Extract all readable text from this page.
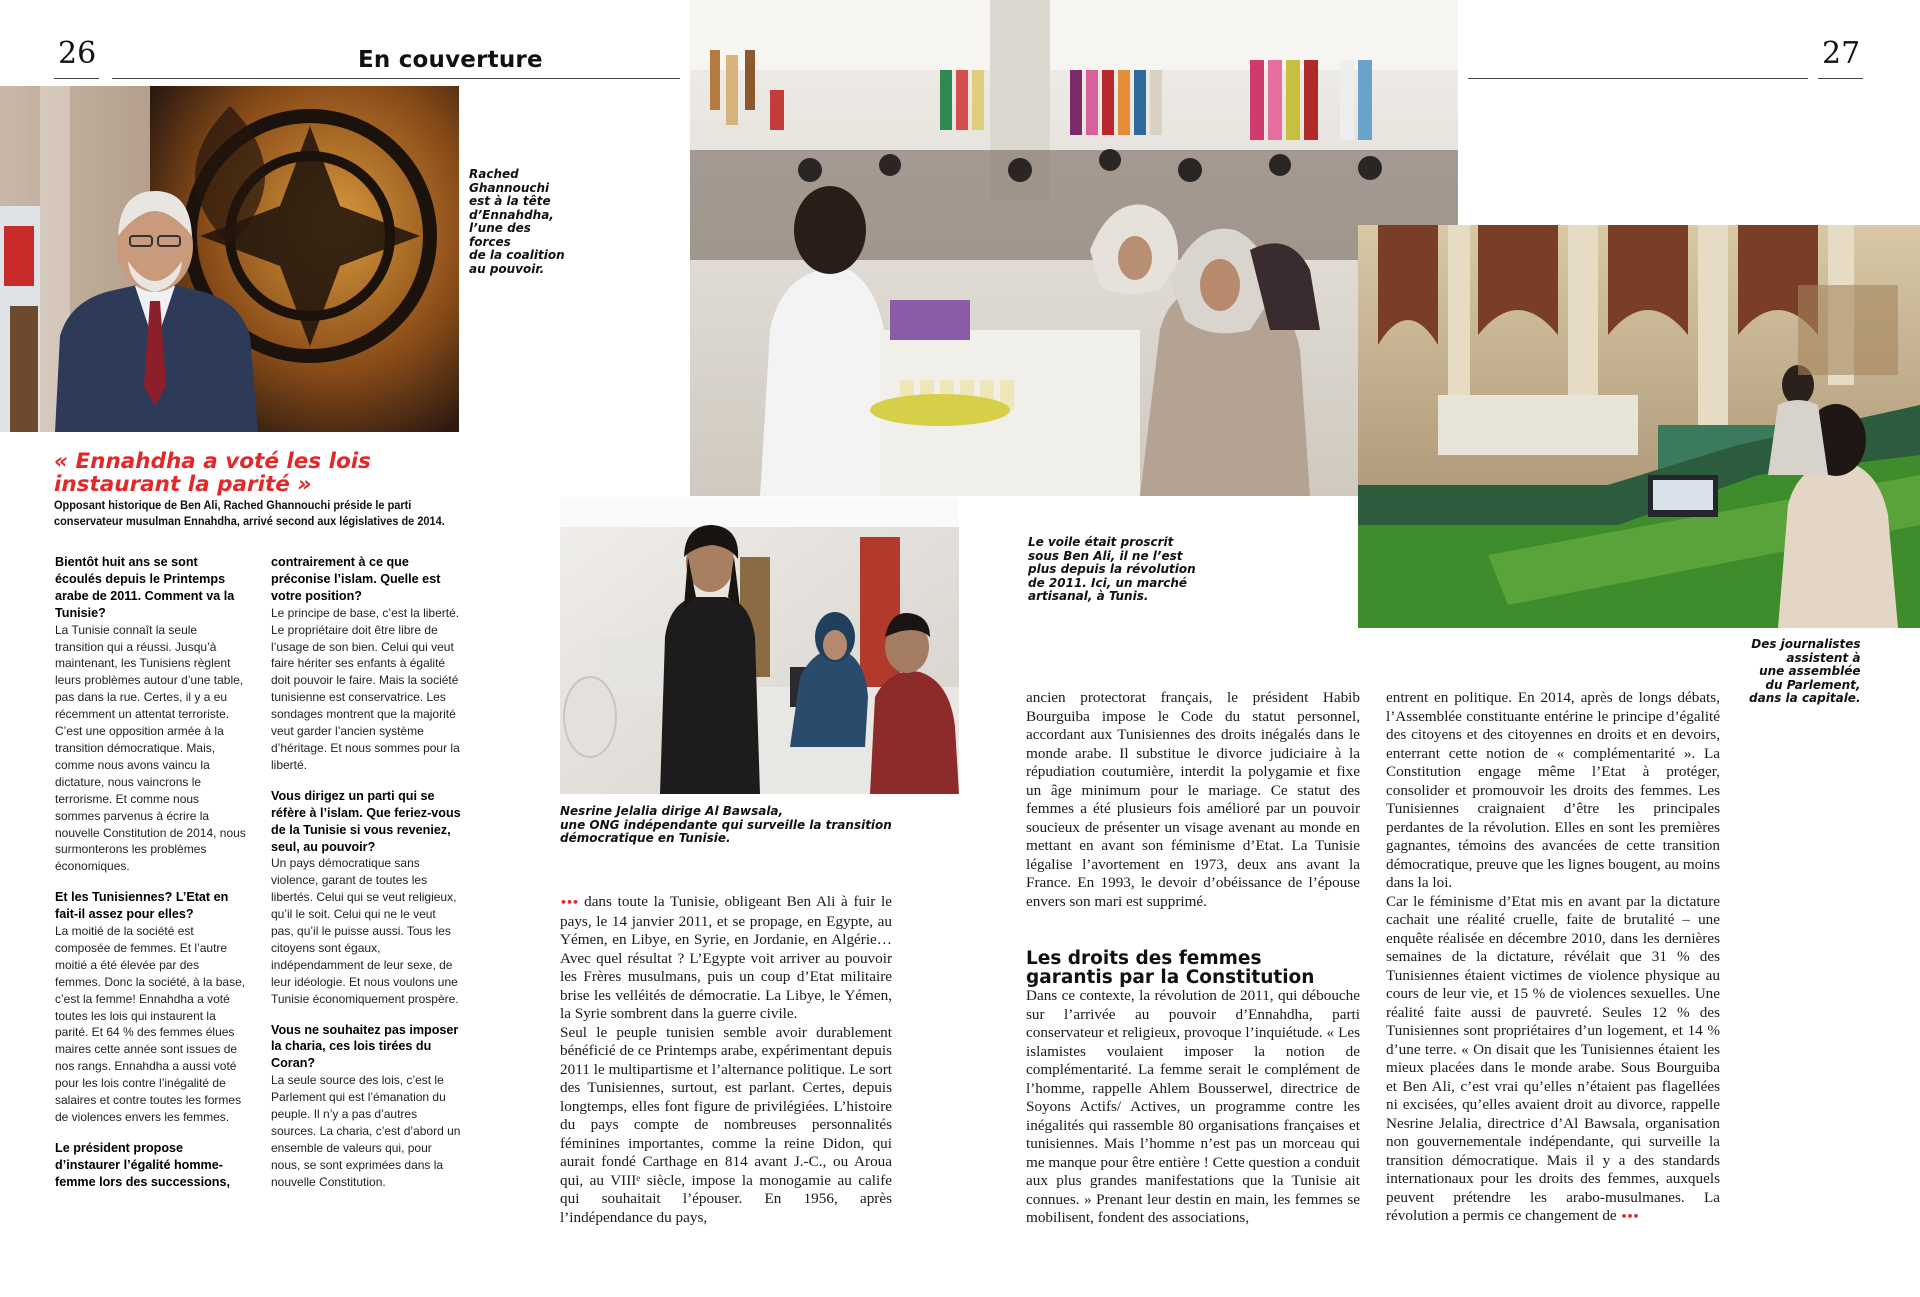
26	En couverture	27
Rached
Ghannouchi
est à la tête
d’Ennahdha,
l’une des
forces
de la coalition
au pouvoir.
Le voile était proscrit
sous Ben Ali, il ne l’est
plus depuis la révolution
de 2011. Ici, un marché
artisanal, à Tunis.
Des journalistes
assistent à
une assemblée
du Parlement,
dans la capitale.
Nesrine Jelalia dirige Al Bawsala,
une ONG indépendante qui surveille la transition
démocratique en Tunisie.
« Ennahdha a voté les lois
instaurant la parité »
Opposant historique de Ben Ali, Rached Ghannouchi préside le parti
conservateur musulman Ennahdha, arrivé second aux législatives de 2014.

Bientôt huit ans se sont écoulés depuis le Printemps arabe de 2011. Comment va la Tunisie?
La Tunisie connaît la seule transition qui a réussi. Jusqu’à maintenant, les Tunisiens règlent leurs problèmes autour d’une table, pas dans la rue. Certes, il y a eu récemment un attentat terroriste. C’est une opposition armée à la transition démocratique. Mais, comme nous avons vaincu la dictature, nous vaincrons le terrorisme. Et comme nous sommes parvenus à écrire la nouvelle Constitution de 2014, nous surmonterons les problèmes économiques.

Et les Tunisiennes? L’Etat en fait-il assez pour elles?
La moitié de la société est composée de femmes. Et l’autre moitié a été élevée par des femmes. Donc la société, à la base, c’est la femme! Ennahdha a voté toutes les lois qui instaurent la parité. Et 64 % des femmes élues maires cette année sont issues de nos rangs. Ennahdha a aussi voté pour les lois contre l’inégalité de salaires et contre toutes les formes de violences envers les femmes.

Le président propose d’instaurer l’égalité homme-femme lors des successions,

contrairement à ce que préconise l’islam. Quelle est votre position?
Le principe de base, c’est la liberté. Le propriétaire doit être libre de l’usage de son bien. Celui qui veut faire hériter ses enfants à égalité doit pouvoir le faire. Mais la société tunisienne est conservatrice. Les sondages montrent que la majorité veut garder l’ancien système d’héritage. Et nous sommes pour la liberté.

Vous dirigez un parti qui se réfère à l’islam. Que feriez-vous de la Tunisie si vous reveniez, seul, au pouvoir?
Un pays démocratique sans violence, garant de toutes les libertés. Celui qui se veut religieux, qu’il le soit. Celui qui ne le veut pas, qu’il le puisse aussi. Tous les citoyens sont égaux, indépendamment de leur sexe, de leur idéologie. Et nous voulons une Tunisie économiquement prospère.

Vous ne souhaitez pas imposer la charia, ces lois tirées du Coran?
La seule source des lois, c’est le Parlement qui est l’émanation du peuple. Il n’y a pas d’autres sources. La charia, c’est d’abord un ensemble de valeurs qui, pour nous, se sont exprimées dans la nouvelle Constitution.

••• dans toute la Tunisie, obligeant Ben Ali à fuir le pays, le 14 janvier 2011, et se propage, en Egypte, au Yémen, en Libye, en Syrie, en Jordanie, en Algérie… Avec quel résultat ? L’Egypte voit arriver au pouvoir les Frères musulmans, puis un coup d’Etat militaire brise les velléités de démocratie. La Libye, le Yémen, la Syrie sombrent dans la guerre civile.

Seul le peuple tunisien semble avoir durablement bénéficié de ce Printemps arabe, expérimentant depuis 2011 le multipartisme et l’alternance politique. Le sort des Tunisiennes, surtout, est parlant. Certes, depuis longtemps, elles font figure de privilégiées. L’histoire du pays compte de nombreuses personnalités féminines importantes, comme la reine Didon, qui aurait fondé Carthage en 814 avant J.-C., ou Aroua qui, au VIIIᵉ siècle, impose la monogamie au calife qui souhaitait l’épouser. En 1956, après l’indépendance du pays,

ancien protectorat français, le président Habib Bourguiba impose le Code du statut personnel, accordant aux Tunisiennes des droits inégalés dans le monde arabe. Il substitue le divorce judiciaire à la répudiation coutumière, interdit la polygamie et fixe un âge minimum pour le mariage. Ce statut des femmes a été plusieurs fois amélioré par un pouvoir soucieux de présenter un visage avenant au monde en mettant en avant son féminisme d’Etat. La Tunisie légalise l’avortement en 1973, deux ans avant la France. En 1993, le devoir d’obéissance de l’épouse envers son mari est supprimé.

Les droits des femmes
garantis par la Constitution

Dans ce contexte, la révolution de 2011, qui débouche sur l’arrivée au pouvoir d’Ennahdha, parti conservateur et religieux, provoque l’inquiétude. « Les islamistes voulaient imposer la notion de complémentarité. La femme serait le complément de l’homme, rappelle Ahlem Bousserwel, directrice de Soyons Actifs/ Actives, un programme contre les inégalités qui rassemble 80 organisations françaises et tunisiennes. Mais l’homme n’est pas un morceau qui me manque pour être entière ! Cette question a conduit aux plus grandes manifestations que la Tunisie ait connues. » Prenant leur destin en main, les femmes se mobilisent, fondent des associations,

entrent en politique. En 2014, après de longs débats, l’Assemblée constituante entérine le principe d’égalité des citoyens et des citoyennes en droits et en devoirs, enterrant cette notion de « complémentarité ». La Constitution engage même l’Etat à protéger, consolider et promouvoir les droits des femmes. Les Tunisiennes craignaient d’être les principales perdantes de la révolution. Elles en sont les premières gagnantes, témoins des avancées de cette transition démocratique, preuve que les lignes bougent, au moins dans la loi.

Car le féminisme d’Etat mis en avant par la dictature cachait une réalité cruelle, faite de brutalité – une enquête réalisée en décembre 2010, dans les dernières semaines de la dictature, révélait que 31 % des Tunisiennes étaient victimes de violence physique au cours de leur vie, et 15 % de violences sexuelles. Une réalité faite aussi de pauvreté. Seules 12 % des Tunisiennes sont propriétaires d’un logement, et 14 % d’une terre. « On disait que les Tunisiennes étaient les mieux placées dans le monde arabe. Sous Bourguiba et Ben Ali, c’est vrai qu’elles n’étaient pas flagellées ni excisées, qu’elles avaient droit au divorce, rappelle Nesrine Jelalia, directrice d’Al Bawsala, organisation non gouvernementale indépendante, qui surveille la transition démocratique. Mais il y a des standards internationaux pour les droits des femmes, auxquels peuvent prétendre les arabo-musulmanes. La révolution a permis ce changement de •••
